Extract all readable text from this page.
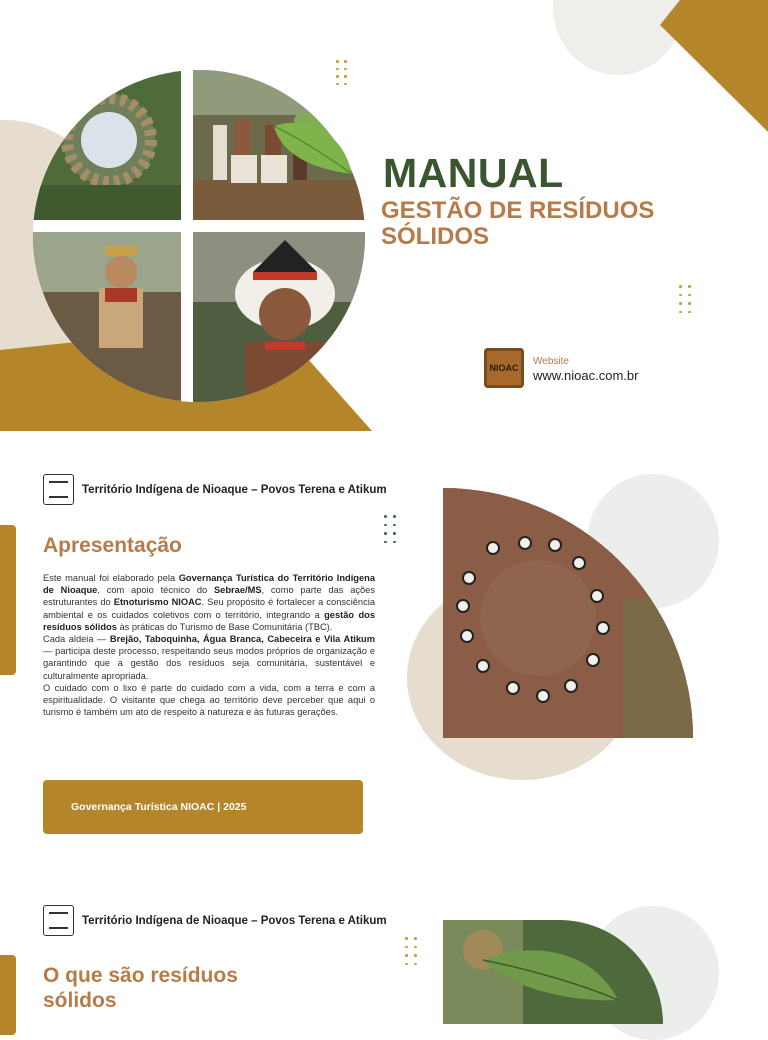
MANUAL
GESTÃO DE RESÍDUOS
SÓLIDOS
NIOAC
Website
www.nioac.com.br
Território Indígena de Nioaque – Povos Terena e Atikum
Apresentação

Este manual foi elaborado pela Governança Turística do Território Indígena de Nioaque, com apoio técnico do Sebrae/MS, como parte das ações estruturantes do Etnoturismo NIOAC. Seu propósito é fortalecer a consciência ambiental e os cuidados coletivos com o território, integrando a gestão dos resíduos sólidos às práticas do Turismo de Base Comunitária (TBC).

Cada aldeia — Brejão, Taboquinha, Água Branca, Cabeceira e Vila Atikum — participa deste processo, respeitando seus modos próprios de organização e garantindo que a gestão dos resíduos seja comunitária, sustentável e culturalmente apropriada.

O cuidado com o lixo é parte do cuidado com a vida, com a terra e com a espiritualidade. O visitante que chega ao território deve perceber que aqui o turismo é também um ato de respeito à natureza e às futuras gerações.

Governança Turística NIOAC | 2025
Território Indígena de Nioaque – Povos Terena e Atikum
O que são resíduos
sólidos
